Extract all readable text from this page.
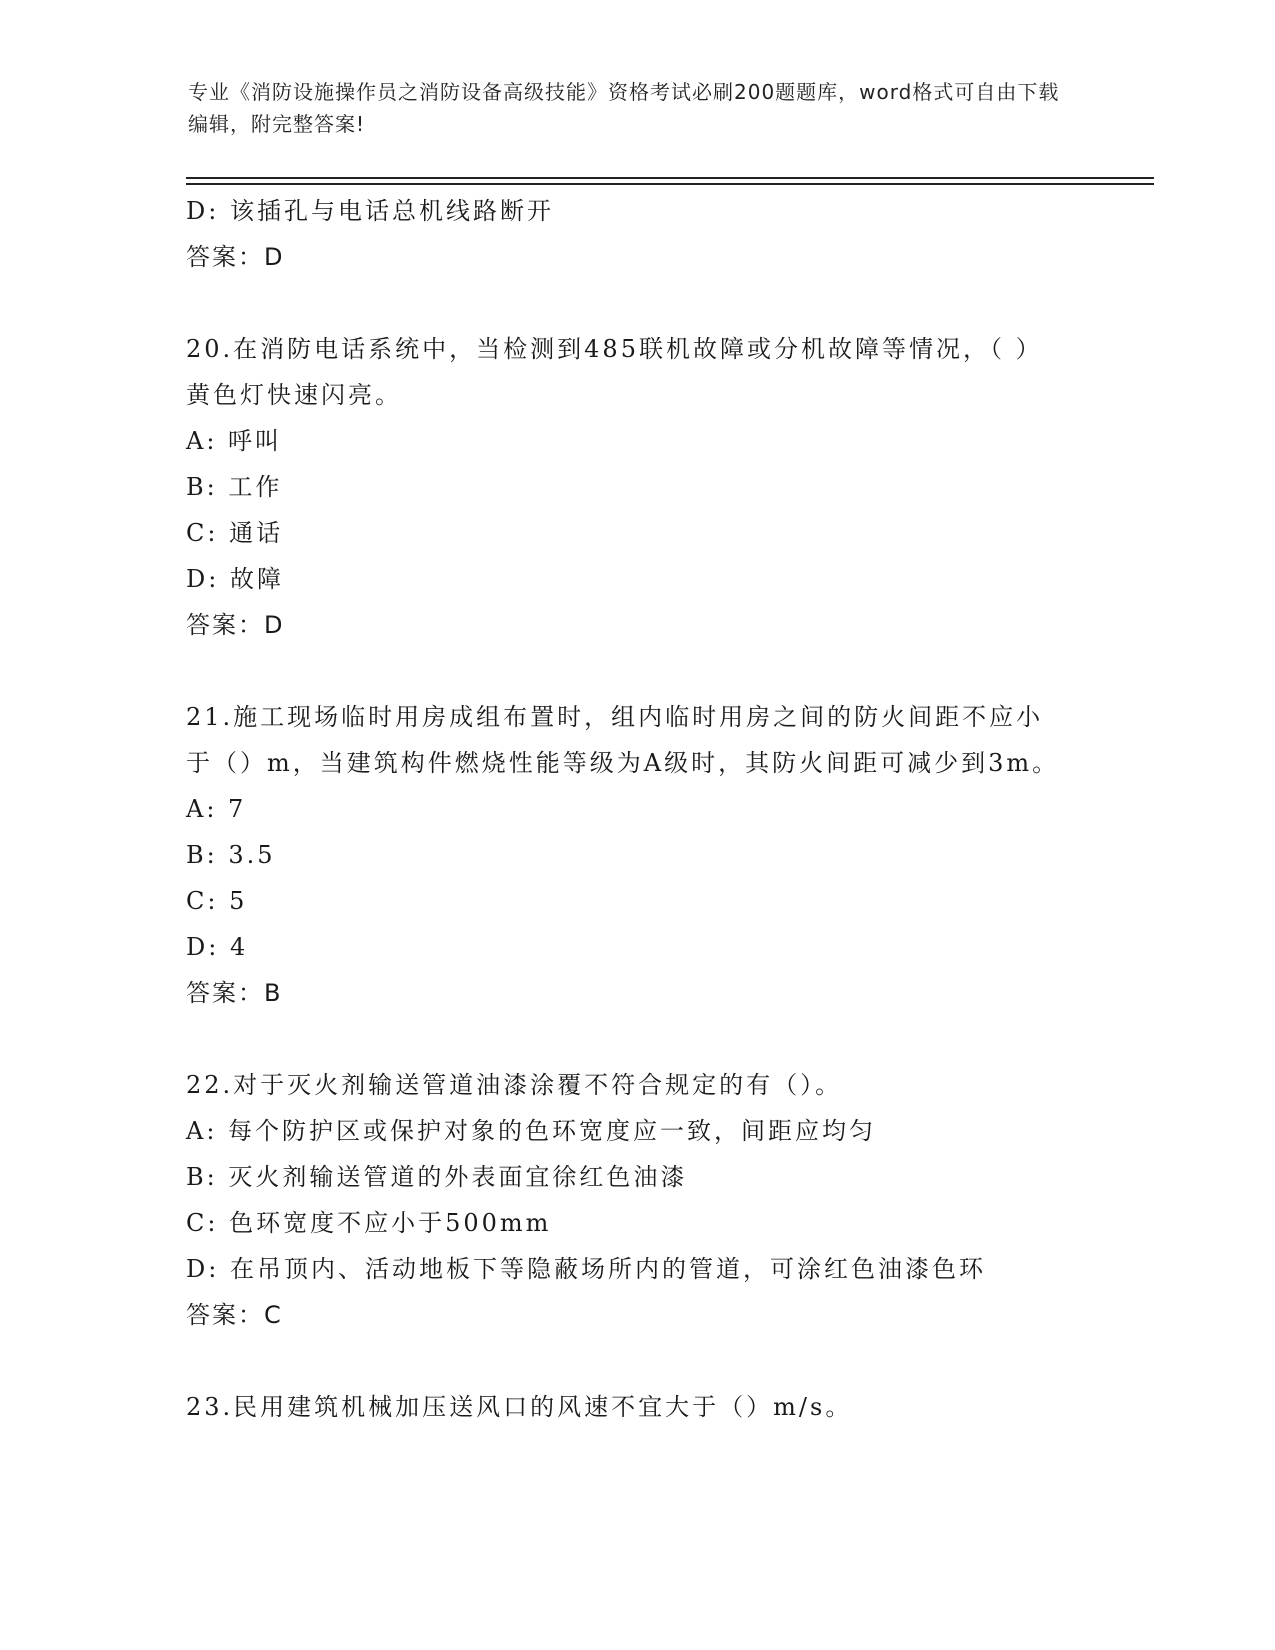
专业《消防设施操作员之消防设备高级技能》资格考试必刷200题题库，word格式可自由下载编辑，附完整答案!
D: 该插孔与电话总机线路断开
答案：D
20.在消防电话系统中，当检测到485联机故障或分机故障等情况，（ ）黄色灯快速闪亮。
A: 呼叫
B: 工作
C: 通话
D: 故障
答案：D
21.施工现场临时用房成组布置时，组内临时用房之间的防火间距不应小于（）m，当建筑构件燃烧性能等级为A级时，其防火间距可减少到3m。
A: 7
B: 3.5
C: 5
D: 4
答案：B
22.对于灭火剂输送管道油漆涂覆不符合规定的有（）。
A: 每个防护区或保护对象的色环宽度应一致，间距应均匀
B: 灭火剂输送管道的外表面宜徐红色油漆
C: 色环宽度不应小于500mm
D: 在吊顶内、活动地板下等隐蔽场所内的管道，可涂红色油漆色环
答案：C
23.民用建筑机械加压送风口的风速不宜大于（）m/s。
